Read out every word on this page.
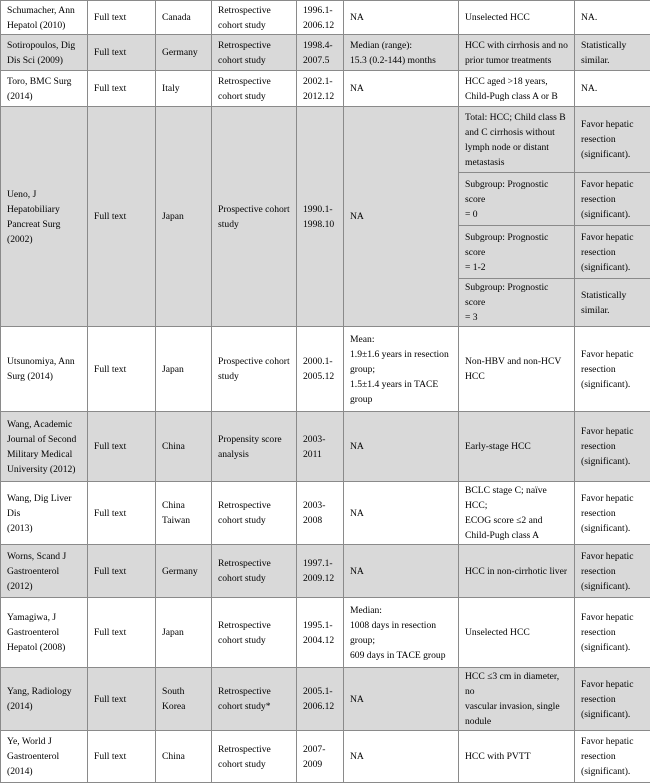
Schumacher, Ann
Hepatol (2010)	Full text	Canada	Retrospective
cohort study	1996.1-
2006.12	NA	Unselected HCC	NA.

Sotiropoulos, Dig
Dis Sci (2009)	Full text	Germany	Retrospective
cohort study	1998.4-
2007.5	Median (range):
15.3 (0.2-144) months	HCC with cirrhosis and no
prior tumor treatments	Statistically similar.

Toro, BMC Surg
(2014)	Full text	Italy	Retrospective
cohort study	2002.1-
2012.12	NA	HCC aged >18 years,
Child-Pugh class A or B	NA.

Ueno, J
Hepatobiliary
Pancreat Surg (2002)	Full text	Japan	Prospective cohort
study	1990.1-
1998.10	NA	Total: HCC; Child class B
and C cirrhosis without
lymph node or distant
metastasis	Favor hepatic
resection
(significant).

						Subgroup: Prognostic score
= 0	Favor hepatic
resection
(significant).

						Subgroup: Prognostic score
= 1-2	Favor hepatic
resection
(significant).

						Subgroup: Prognostic score
= 3	Statistically similar.

Utsunomiya, Ann
Surg (2014)	Full text	Japan	Prospective cohort
study	2000.1-
2005.12	Mean:
1.9±1.6 years in resection
group;
1.5±1.4 years in TACE
group	Non-HBV and non-HCV
HCC	Favor hepatic
resection
(significant).

Wang, Academic
Journal of Second
Military Medical
University (2012)	Full text	China	Propensity score
analysis	2003-
2011	NA	Early-stage HCC	Favor hepatic
resection
(significant).

Wang, Dig Liver Dis
(2013)	Full text	China
Taiwan	Retrospective
cohort study	2003-
2008	NA	BCLC stage C; naïve HCC;
ECOG score ≤2 and
Child-Pugh class A	Favor hepatic
resection
(significant).

Worns, Scand J
Gastroenterol (2012)	Full text	Germany	Retrospective
cohort study	1997.1-
2009.12	NA	HCC in non-cirrhotic liver	Favor hepatic
resection
(significant).

Yamagiwa, J
Gastroenterol
Hepatol (2008)	Full text	Japan	Retrospective
cohort study	1995.1-
2004.12	Median:
1008 days in resection
group;
609 days in TACE group	Unselected HCC	Favor hepatic
resection
(significant).

Yang, Radiology
(2014)	Full text	South
Korea	Retrospective
cohort study*	2005.1-
2006.12	NA	HCC ≤3 cm in diameter, no
vascular invasion, single
nodule	Favor hepatic
resection
(significant).

Ye, World J
Gastroenterol (2014)	Full text	China	Retrospective
cohort study	2007-
2009	NA	HCC with PVTT	Favor hepatic
resection
(significant).
